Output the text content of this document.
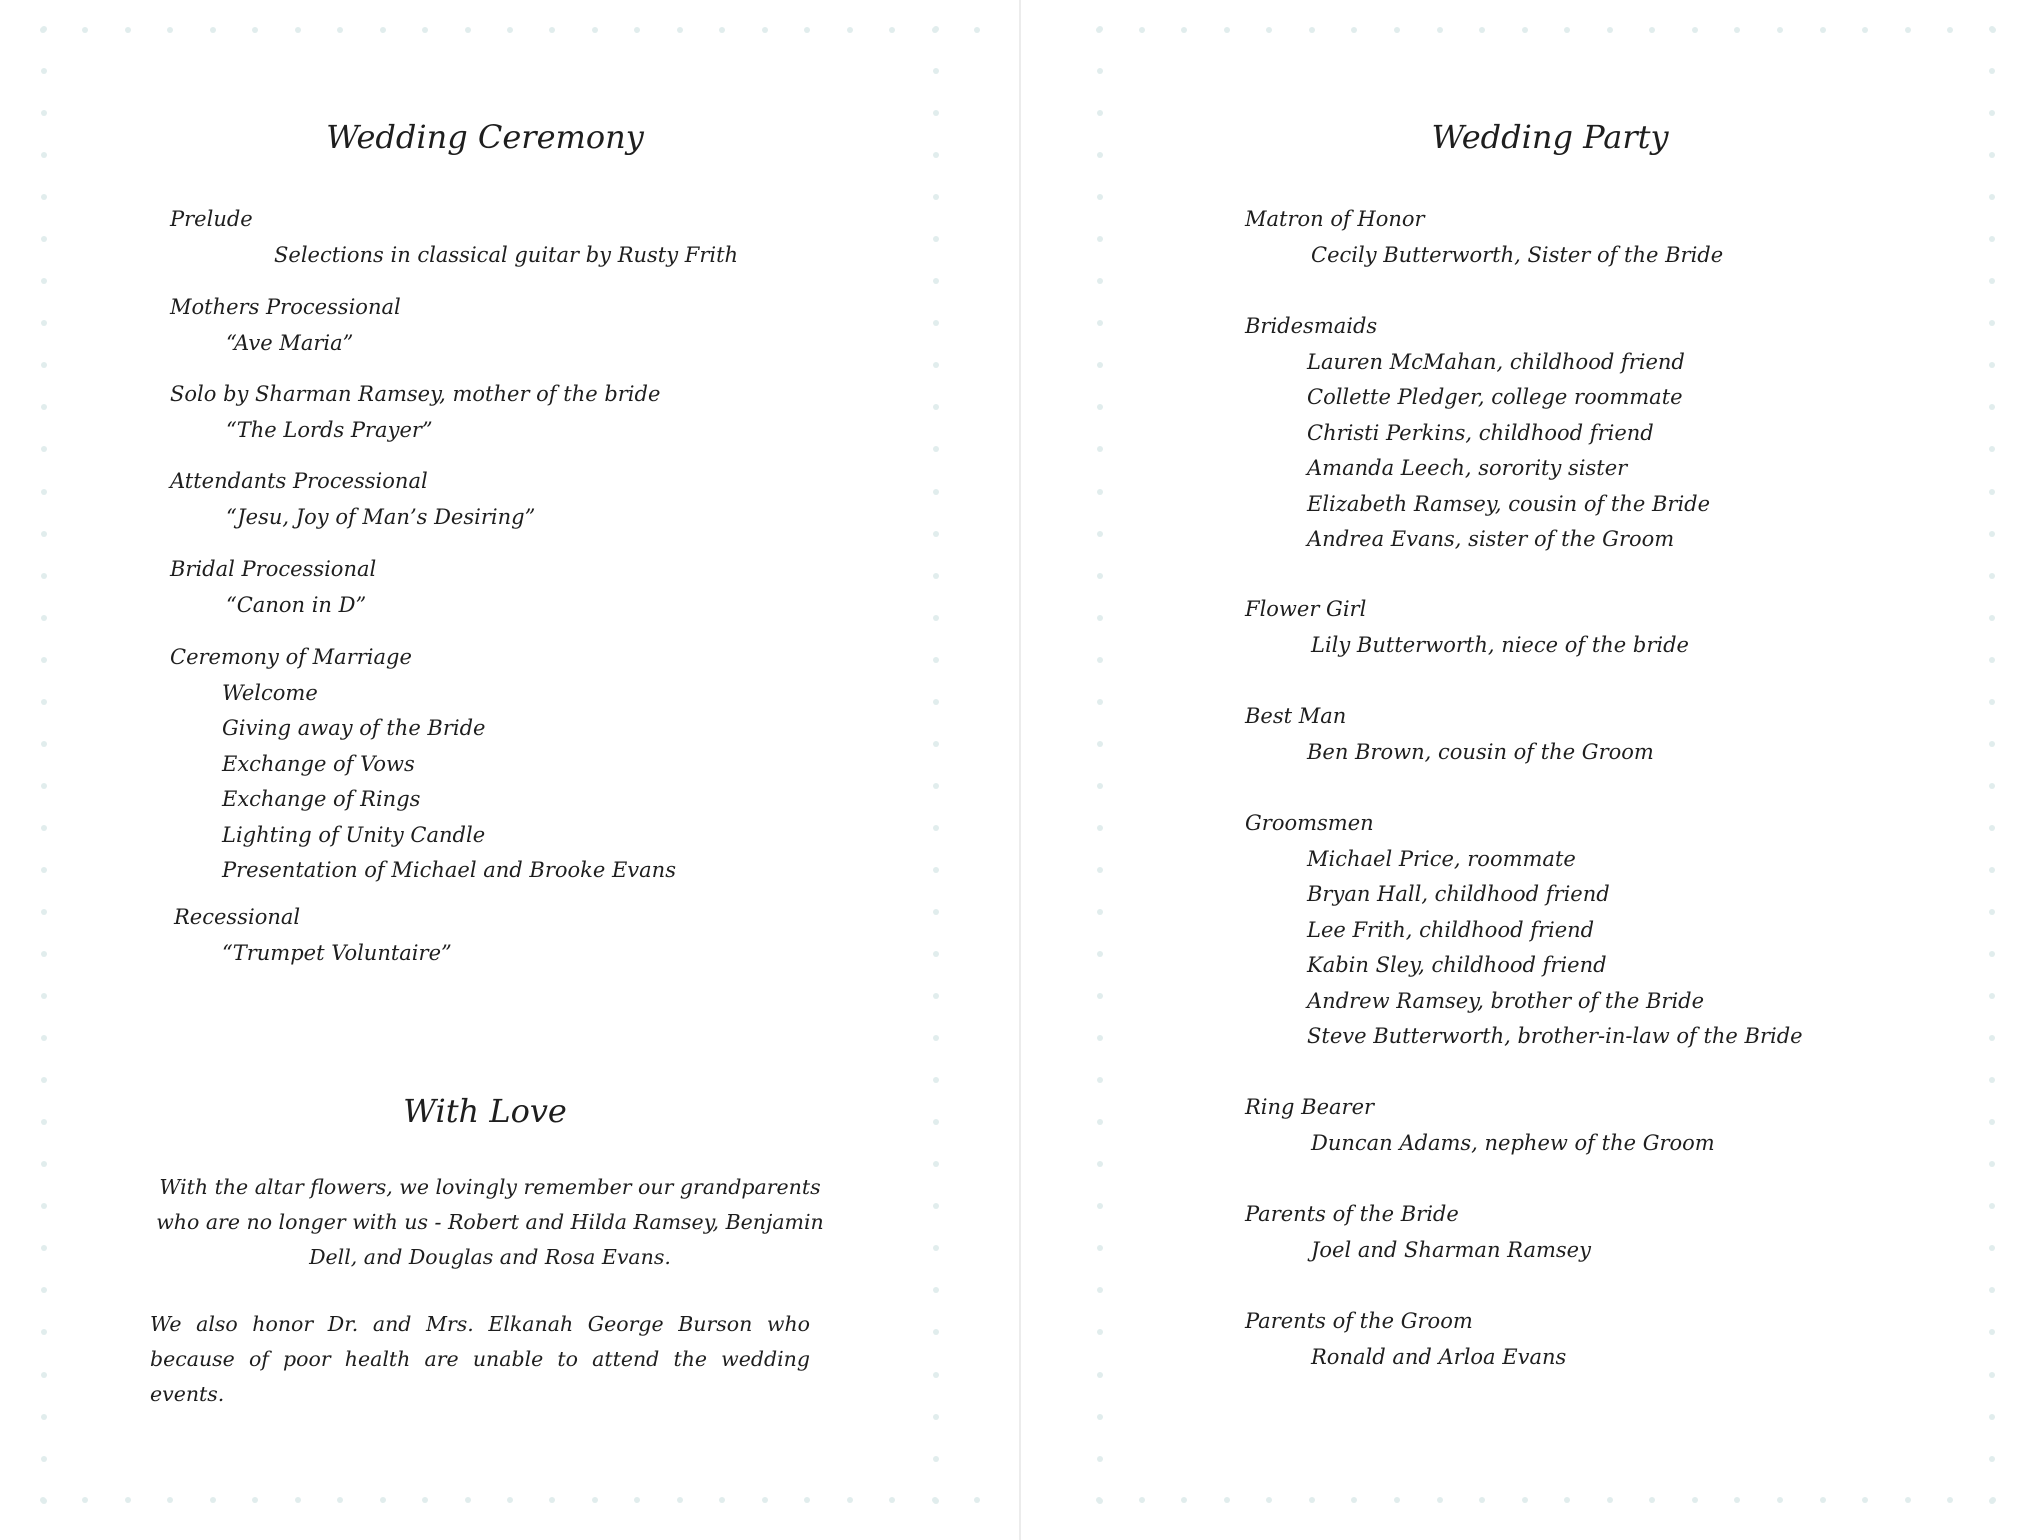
Wedding Ceremony
Prelude
Selections in classical guitar by Rusty Frith
Mothers Processional
“Ave Maria”
Solo by Sharman Ramsey, mother of the bride
“The Lords Prayer”
Attendants Processional
“Jesu, Joy of Man’s Desiring”
Bridal Processional
“Canon in D”
Ceremony of Marriage
Welcome
Giving away of the Bride
Exchange of Vows
Exchange of Rings
Lighting of Unity Candle
Presentation of Michael and Brooke Evans
Recessional
“Trumpet Voluntaire”
With Love

With the altar flowers, we lovingly remember our grandparents who are no longer with us - Robert and Hilda Ramsey, Benjamin Dell, and Douglas and Rosa Evans.

We also honor Dr. and Mrs. Elkanah George Burson who because of poor health are unable to attend the wedding events.

Wedding Party
Matron of Honor
Cecily Butterworth, Sister of the Bride
Bridesmaids
Lauren McMahan, childhood friend
Collette Pledger, college roommate
Christi Perkins, childhood friend
Amanda Leech, sorority sister
Elizabeth Ramsey, cousin of the Bride
Andrea Evans, sister of the Groom
Flower Girl
Lily Butterworth, niece of the bride
Best Man
Ben Brown, cousin of the Groom
Groomsmen
Michael Price, roommate
Bryan Hall, childhood friend
Lee Frith, childhood friend
Kabin Sley, childhood friend
Andrew Ramsey, brother of the Bride
Steve Butterworth, brother-in-law of the Bride
Ring Bearer
Duncan Adams, nephew of the Groom
Parents of the Bride
Joel and Sharman Ramsey
Parents of the Groom
Ronald and Arloa Evans
